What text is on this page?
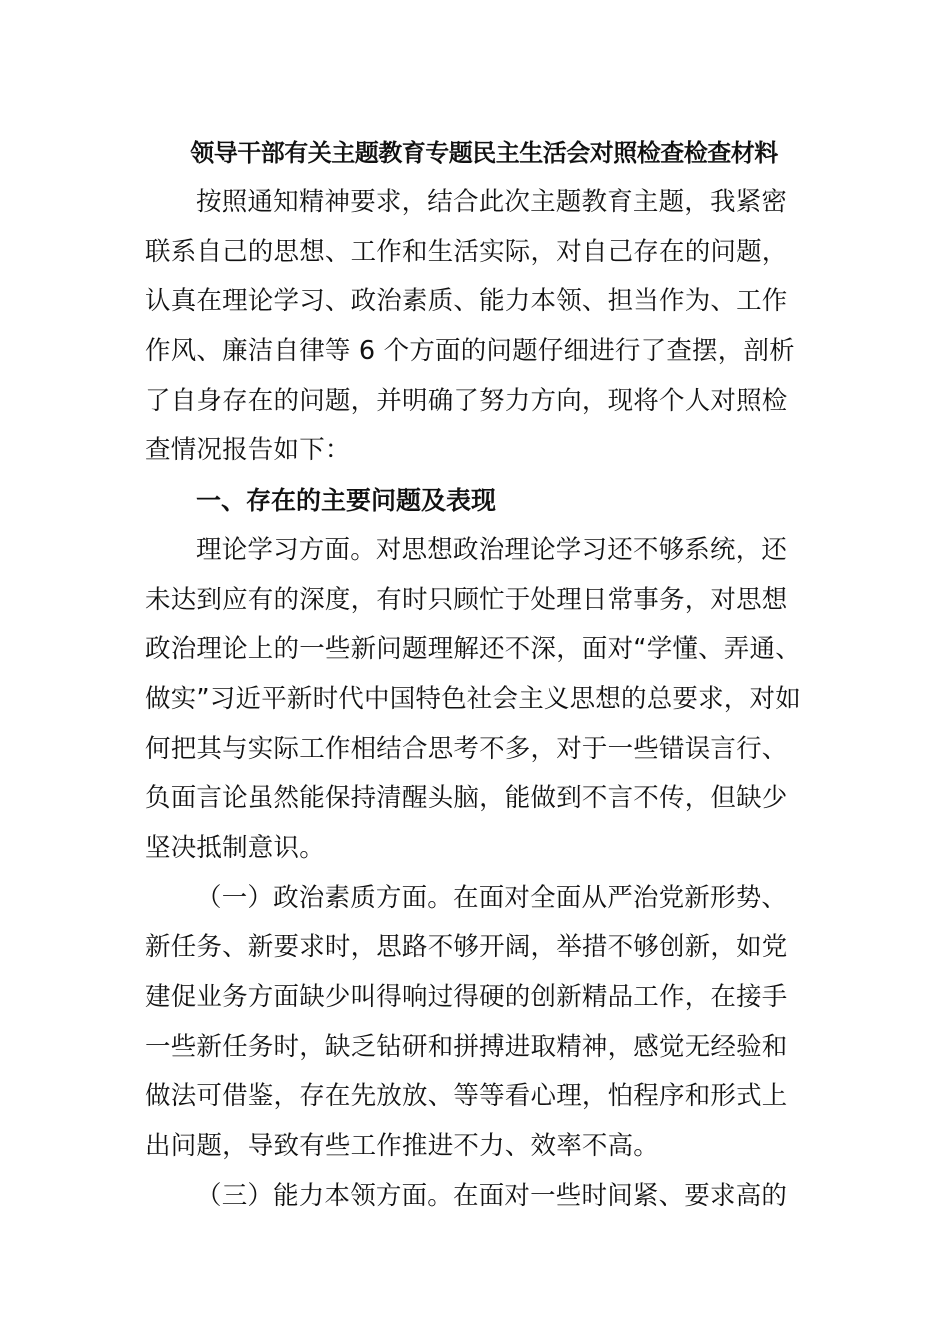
领导干部有关主题教育专题民主生活会对照检查检查材料

按照通知精神要求，结合此次主题教育主题，我紧密
联系自己的思想、工作和生活实际，对自己存在的问题，
认真在理论学习、政治素质、能力本领、担当作为、工作
作风、廉洁自律等 6 个方面的问题仔细进行了查摆，剖析
了自身存在的问题，并明确了努力方向，现将个人对照检
查情况报告如下：

一、存在的主要问题及表现

理论学习方面。对思想政治理论学习还不够系统，还
未达到应有的深度，有时只顾忙于处理日常事务，对思想
政治理论上的一些新问题理解还不深，面对“学懂、弄通、
做实”习近平新时代中国特色社会主义思想的总要求，对如
何把其与实际工作相结合思考不多，对于一些错误言行、
负面言论虽然能保持清醒头脑，能做到不言不传，但缺少
坚决抵制意识。

（一）政治素质方面。在面对全面从严治党新形势、
新任务、新要求时，思路不够开阔，举措不够创新，如党
建促业务方面缺少叫得响过得硬的创新精品工作，在接手
一些新任务时，缺乏钻研和拼搏进取精神，感觉无经验和
做法可借鉴，存在先放放、等等看心理，怕程序和形式上
出问题，导致有些工作推进不力、效率不高。

（三）能力本领方面。在面对一些时间紧、要求高的
